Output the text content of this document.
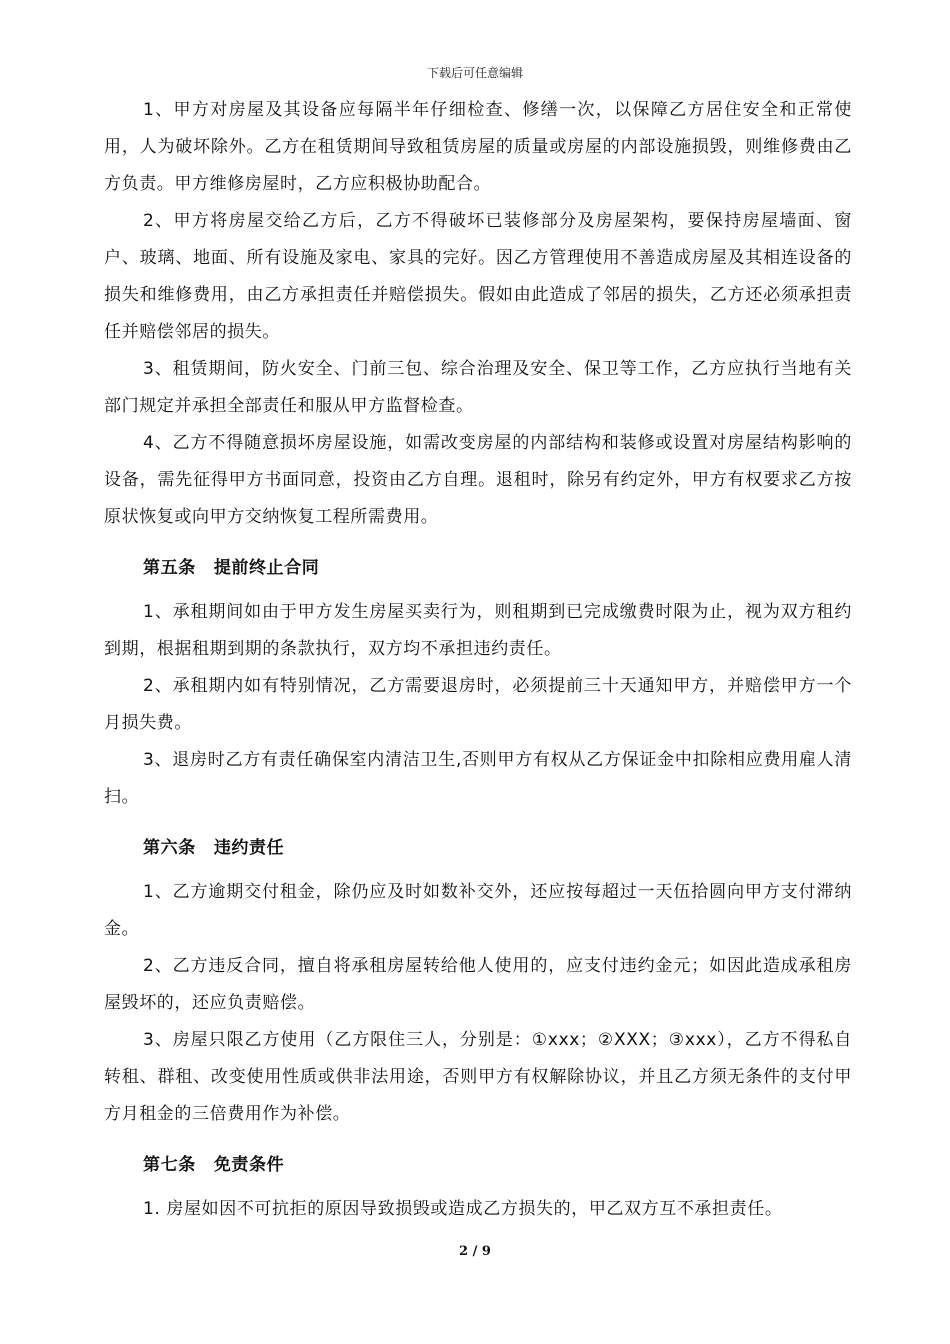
下载后可任意编辑

1、甲方对房屋及其设备应每隔半年仔细检查、修缮一次，以保障乙方居住安全和正常使用，人为破坏除外。乙方在租赁期间导致租赁房屋的质量或房屋的内部设施损毁，则维修费由乙方负责。甲方维修房屋时，乙方应积极协助配合。

2、甲方将房屋交给乙方后，乙方不得破坏已装修部分及房屋架构，要保持房屋墙面、窗户、玻璃、地面、所有设施及家电、家具的完好。因乙方管理使用不善造成房屋及其相连设备的损失和维修费用，由乙方承担责任并赔偿损失。假如由此造成了邻居的损失，乙方还必须承担责任并赔偿邻居的损失。

3、租赁期间，防火安全、门前三包、综合治理及安全、保卫等工作，乙方应执行当地有关部门规定并承担全部责任和服从甲方监督检查。

4、乙方不得随意损坏房屋设施，如需改变房屋的内部结构和装修或设置对房屋结构影响的设备，需先征得甲方书面同意，投资由乙方自理。退租时，除另有约定外，甲方有权要求乙方按原状恢复或向甲方交纳恢复工程所需费用。

第五条 提前终止合同

1、承租期间如由于甲方发生房屋买卖行为，则租期到已完成缴费时限为止，视为双方租约到期，根据租期到期的条款执行，双方均不承担违约责任。

2、承租期内如有特别情况，乙方需要退房时，必须提前三十天通知甲方，并赔偿甲方一个月损失费。

3、退房时乙方有责任确保室内清洁卫生,否则甲方有权从乙方保证金中扣除相应费用雇人清扫。

第六条 违约责任

1、乙方逾期交付租金，除仍应及时如数补交外，还应按每超过一天伍拾圆向甲方支付滞纳金。

2、乙方违反合同，擅自将承租房屋转给他人使用的，应支付违约金元；如因此造成承租房屋毁坏的，还应负责赔偿。

3、房屋只限乙方使用（乙方限住三人，分别是：①xxx；②XXX；③xxx），乙方不得私自转租、群租、改变使用性质或供非法用途，否则甲方有权解除协议，并且乙方须无条件的支付甲方月租金的三倍费用作为补偿。

第七条 免责条件

1. 房屋如因不可抗拒的原因导致损毁或造成乙方损失的，甲乙双方互不承担责任。

2 / 9
